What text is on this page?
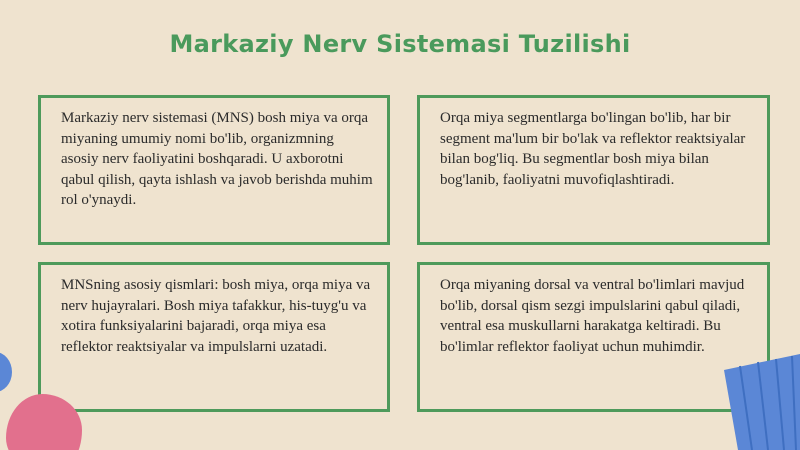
Markaziy Nerv Sistemasi Tuzilishi

Markaziy nerv sistemasi (MNS) bosh miya va orqa miyaning umumiy nomi bo'lib, organizmning asosiy nerv faoliyatini boshqaradi. U axborotni qabul qilish, qayta ishlash va javob berishda muhim rol o'ynaydi.

Orqa miya segmentlarga bo'lingan bo'lib, har bir segment ma'lum bir bo'lak va reflektor reaktsiyalar bilan bog'liq. Bu segmentlar bosh miya bilan bog'lanib, faoliyatni muvofiqlashtiradi.

MNSning asosiy qismlari: bosh miya, orqa miya va nerv hujayralari. Bosh miya tafakkur, his-tuyg'u va xotira funksiyalarini bajaradi, orqa miya esa reflektor reaktsiyalar va impulslarni uzatadi.

Orqa miyaning dorsal va ventral bo'limlari mavjud bo'lib, dorsal qism sezgi impulslarini qabul qiladi, ventral esa muskullarni harakatga keltiradi. Bu bo'limlar reflektor faoliyat uchun muhimdir.
